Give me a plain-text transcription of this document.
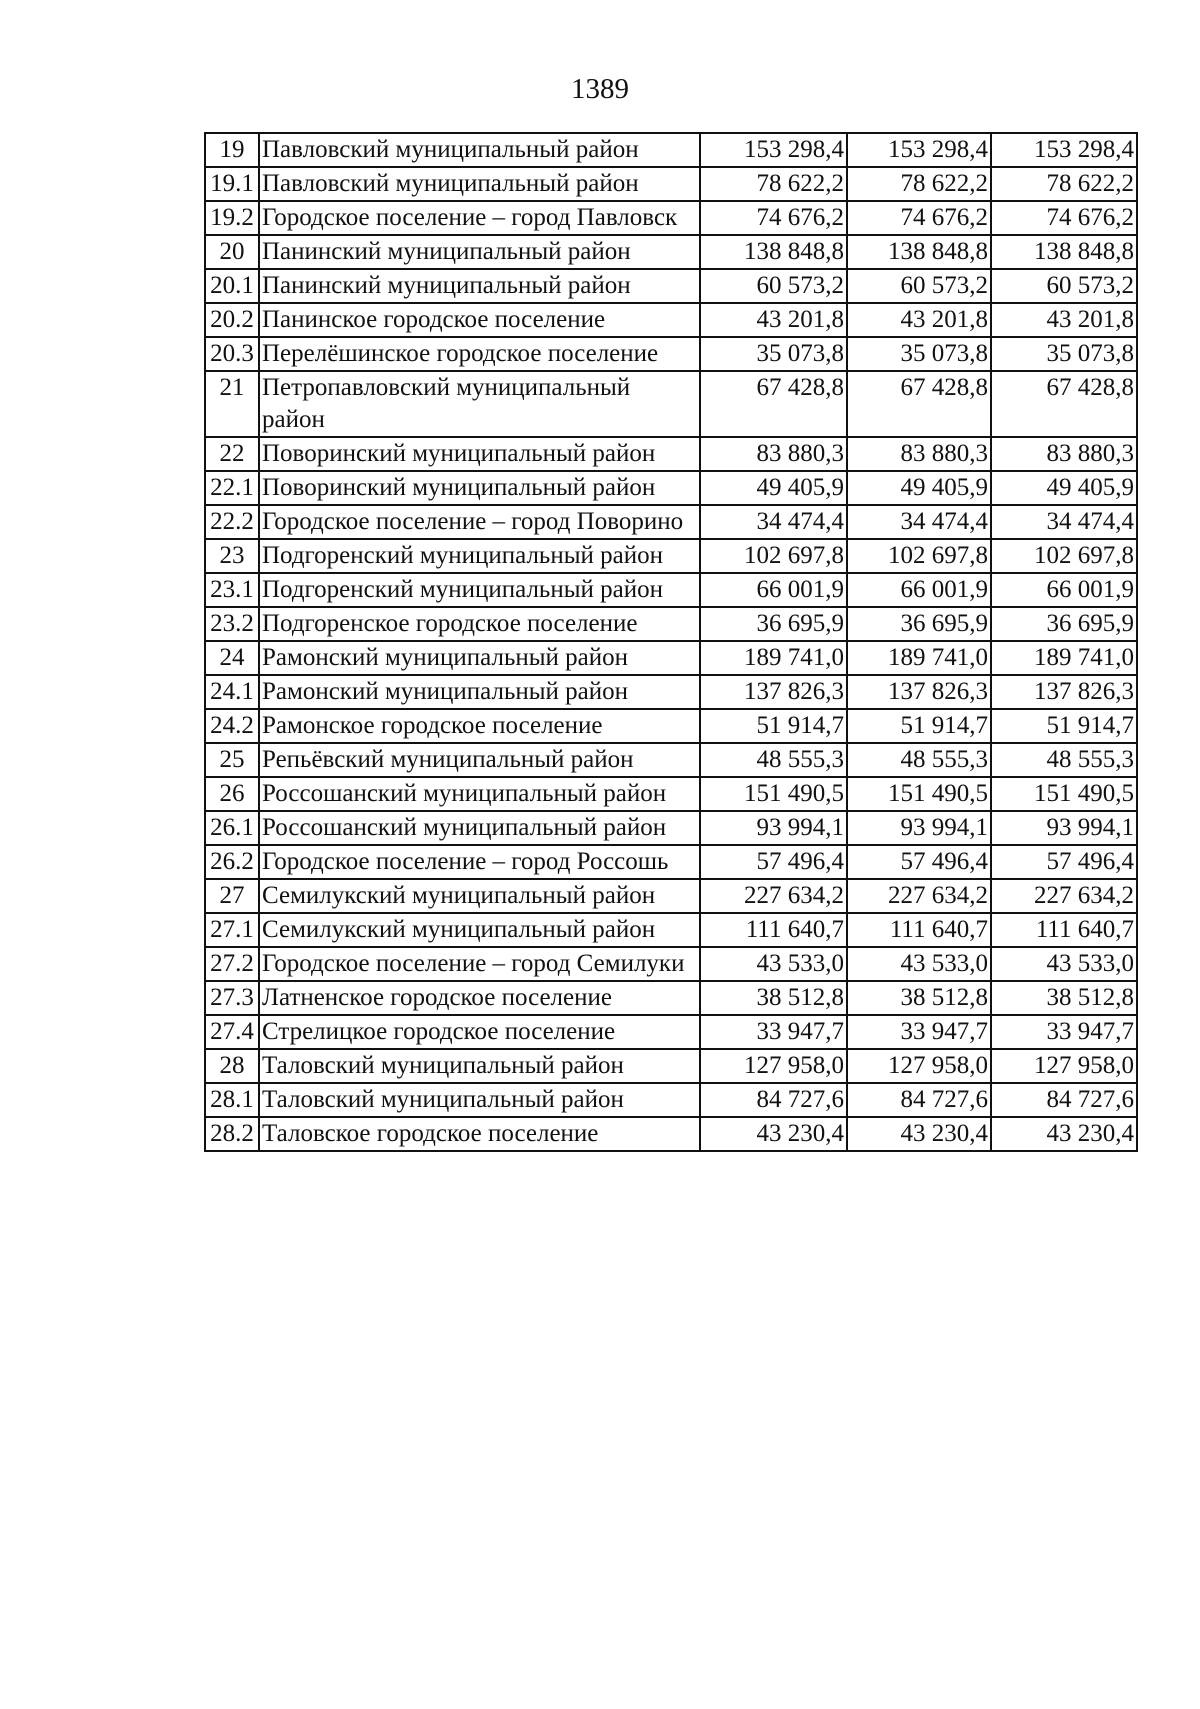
1389
19	Павловский муниципальный район	153 298,4	153 298,4	153 298,4
19.1	Павловский муниципальный район	78 622,2	78 622,2	78 622,2
19.2	Городское поселение – город Павловск	74 676,2	74 676,2	74 676,2
20	Панинский муниципальный район	138 848,8	138 848,8	138 848,8
20.1	Панинский муниципальный район	60 573,2	60 573,2	60 573,2
20.2	Панинское городское поселение	43 201,8	43 201,8	43 201,8
20.3	Перелёшинское городское поселение	35 073,8	35 073,8	35 073,8
21	Петропавловский муниципальный район	67 428,8	67 428,8	67 428,8
22	Поворинский муниципальный район	83 880,3	83 880,3	83 880,3
22.1	Поворинский муниципальный район	49 405,9	49 405,9	49 405,9
22.2	Городское поселение – город Поворино	34 474,4	34 474,4	34 474,4
23	Подгоренский муниципальный район	102 697,8	102 697,8	102 697,8
23.1	Подгоренский муниципальный район	66 001,9	66 001,9	66 001,9
23.2	Подгоренское городское поселение	36 695,9	36 695,9	36 695,9
24	Рамонский муниципальный район	189 741,0	189 741,0	189 741,0
24.1	Рамонский муниципальный район	137 826,3	137 826,3	137 826,3
24.2	Рамонское городское поселение	51 914,7	51 914,7	51 914,7
25	Репьёвский муниципальный район	48 555,3	48 555,3	48 555,3
26	Россошанский муниципальный район	151 490,5	151 490,5	151 490,5
26.1	Россошанский муниципальный район	93 994,1	93 994,1	93 994,1
26.2	Городское поселение – город Россошь	57 496,4	57 496,4	57 496,4
27	Семилукский муниципальный район	227 634,2	227 634,2	227 634,2
27.1	Семилукский муниципальный район	111 640,7	111 640,7	111 640,7
27.2	Городское поселение – город Семилуки	43 533,0	43 533,0	43 533,0
27.3	Латненское городское поселение	38 512,8	38 512,8	38 512,8
27.4	Стрелицкое городское поселение	33 947,7	33 947,7	33 947,7
28	Таловский муниципальный район	127 958,0	127 958,0	127 958,0
28.1	Таловский муниципальный район	84 727,6	84 727,6	84 727,6
28.2	Таловское городское поселение	43 230,4	43 230,4	43 230,4
